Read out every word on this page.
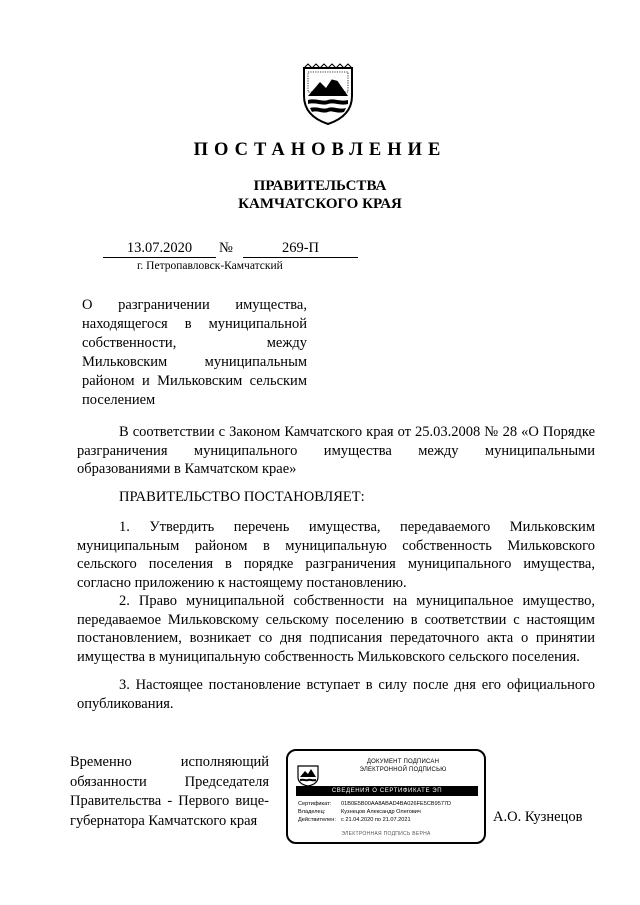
ПОСТАНОВЛЕНИЕ
ПРАВИТЕЛЬСТВА
КАМЧАТСКОГО КРАЯ
13.07.2020	№	269-П
г. Петропавловск-Камчатский
О разграничении имущества, находящегося в муниципальной собственности, между Мильковским муниципальным районом и Мильковским сельским поселением
В соответствии с Законом Камчатского края от 25.03.2008 № 28 «О Порядке разграничения муниципального имущества между муниципальными образованиями в Камчатском крае»
ПРАВИТЕЛЬСТВО ПОСТАНОВЛЯЕТ:
1. Утвердить перечень имущества, передаваемого Мильковским муниципальным районом в муниципальную собственность Мильковского сельского поселения в порядке разграничения муниципального имущества, согласно приложению к настоящему постановлению.
2. Право муниципальной собственности на муниципальное имущество, передаваемое Мильковскому сельскому поселению в соответствии с настоящим постановлением, возникает со дня подписания передаточного акта о принятии имущества в муниципальную собственность Мильковского сельского поселения.
3. Настоящее постановление вступает в силу после дня его официального опубликования.
Временно исполняющий обязанности Председателя Правительства - Первого вице-губернатора Камчатского края
ДОКУМЕНТ ПОДПИСАН
ЭЛЕКТРОННОЙ ПОДПИСЬЮ
СВЕДЕНИЯ О СЕРТИФИКАТЕ ЭП
Сертификат: 01B0E5B00AA8ABAD4BA026FE5CB9577D
Владелец:	Кузнецов Александр Олегович
Действителен: с 21.04.2020 по 21.07.2021
ЭЛЕКТРОННАЯ ПОДПИСЬ ВЕРНА
А.О. Кузнецов
